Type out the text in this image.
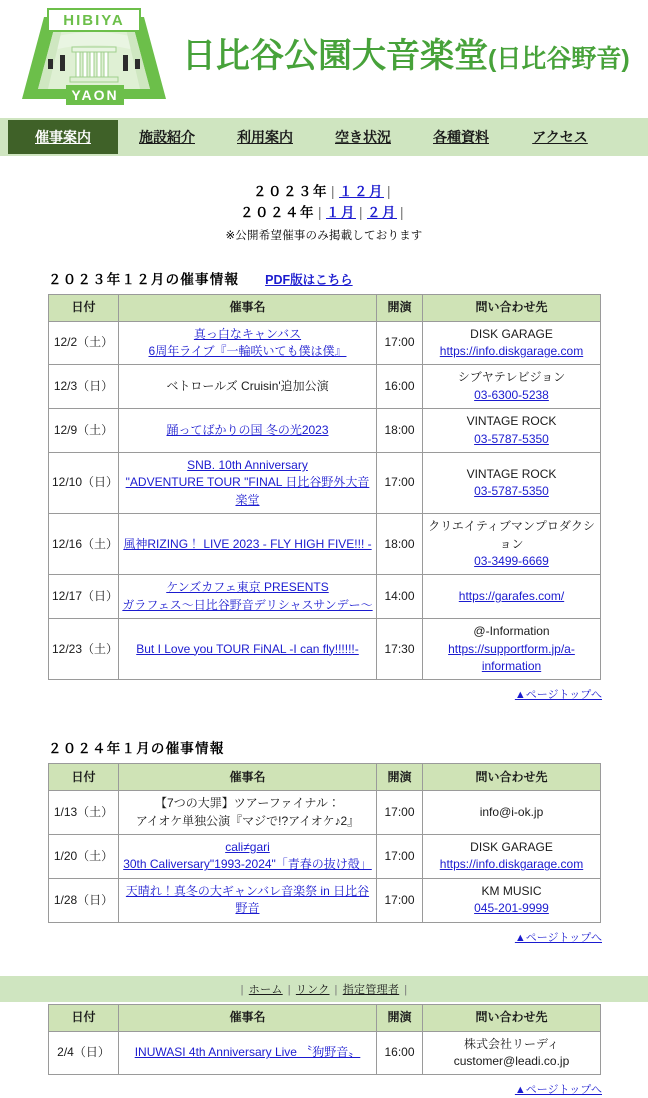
HIBIYA
YAON
日比谷公園大音楽堂(日比谷野音)
催事案内	施設紹介	利用案内	空き状況	各種資料	アクセス
２０２３年 | １２月 |
２０２４年 | １月 | ２月 |
※公開希望催事のみ掲載しております
２０２３年１２月の催事情報 PDF版はこちら
日付	催事名	開演	問い合わせ先
12/2（土）	真っ白なキャンバス
6周年ライブ『一輪咲いても僕は僕』	17:00	DISK GARAGE
https://info.diskgarage.com

12/3（日）	ベトロールズ Cruisin'追加公演	16:00	シブヤテレビジョン
03-6300-5238

12/9（土）	踊ってばかりの国 冬の光2023	18:00	VINTAGE ROCK
03-5787-5350

12/10（日）	SNB. 10th Anniversary
"ADVENTURE TOUR "FINAL 日比谷野外大音楽堂	17:00	VINTAGE ROCK
03-5787-5350

12/16（土）	風神RIZING！ LIVE 2023 - FLY HIGH FIVE!!! -	18:00	クリエイティブマンプロダクション
03-3499-6669

12/17（日）	ケンズカフェ東京 PRESENTS
ガラフェス〜日比谷野音デリシャスサンデー〜	14:00	https://garafes.com/

12/23（土）	But I Love you TOUR FiNAL -I can fly!!!!!!-	17:30	@-Information
https://supportform.jp/a-
information
▲ページトップへ
２０２４年１月の催事情報
日付	催事名	開演	問い合わせ先
1/13（土）	【7つの大罪】ツアーファイナル：
アイオケ単独公演『マジで!?アイオケ♪2』	17:00	info@i-ok.jp

1/20（土）	cali≠gari
30th Caliversary"1993-2024"「青春の抜け殻」	17:00	DISK GARAGE
https://info.diskgarage.com

1/28（日）	天晴れ！真冬の大ギャンバレ音楽祭 in 日比谷野音	17:00	KM MUSIC
045-201-9999
▲ページトップへ
日付	催事名	開演	問い合わせ先
2/4（日）	INUWASI 4th Anniversary Live 〝狗野音〟	16:00	株式会社リーディ
customer@leadi.co.jp
▲ページトップへ
| ホーム | リンク | 指定管理者 |
